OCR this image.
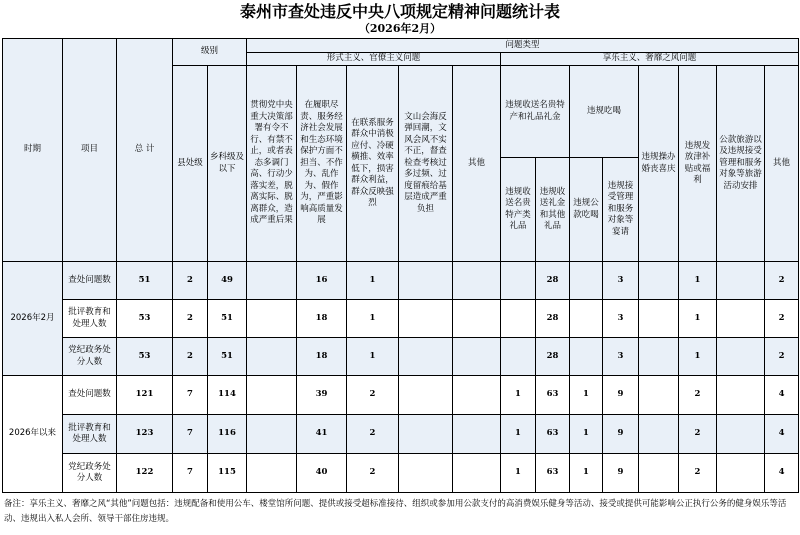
泰州市查处违反中央八项规定精神问题统计表
（2026年2月）
时期	项目	总 计	级别		问题类型												
					形式主义、官僚主义问题					享乐主义、奢靡之风问题							
			县处级	乡科级及以下	贯彻党中央重大决策部署有令不行、有禁不止，或者表态多调门高、行动少落实差，脱离实际、脱离群众，造成严重后果	在履职尽责、服务经济社会发展和生态环境保护方面不担当、不作为、乱作为、假作为，严重影响高质量发展	在联系服务群众中消极应付、冷硬横推、效率低下，损害群众利益，群众反映强烈	文山会海反弹回潮，文风会风不实不正，督查检查考核过多过频、过度留痕给基层造成严重负担	其他	违规收送名贵特产和礼品礼金		违规吃喝		违规操办婚丧喜庆	违规发放津补贴或福利	公款旅游以及违规接受管理和服务对象等旅游活动安排	其他
										违规收送名贵特产类礼品	违规收送礼金和其他礼品	违规公款吃喝	违规接受管理和服务对象等宴请				
2026年2月	查处问题数	51	2	49		16	1				28		3		1		2
	批评教育和处理人数	53	2	51		18	1				28		3		1		2
	党纪政务处分人数	53	2	51		18	1				28		3		1		2
2026年以来	查处问题数	121	7	114		39	2			1	63	1	9		2		4
	批评教育和处理人数	123	7	116		41	2			1	63	1	9		2		4
	党纪政务处分人数	122	7	115		40	2			1	63	1	9		2		4
备注：享乐主义、奢靡之风“其他”问题包括：违规配备和使用公车、楼堂馆所问题、提供或接受超标准接待、组织或参加用公款支付的高消费娱乐健身等活动、接受或提供可能影响公正执行公务的健身娱乐等活动、违规出入私人会所、领导干部住房违规。
